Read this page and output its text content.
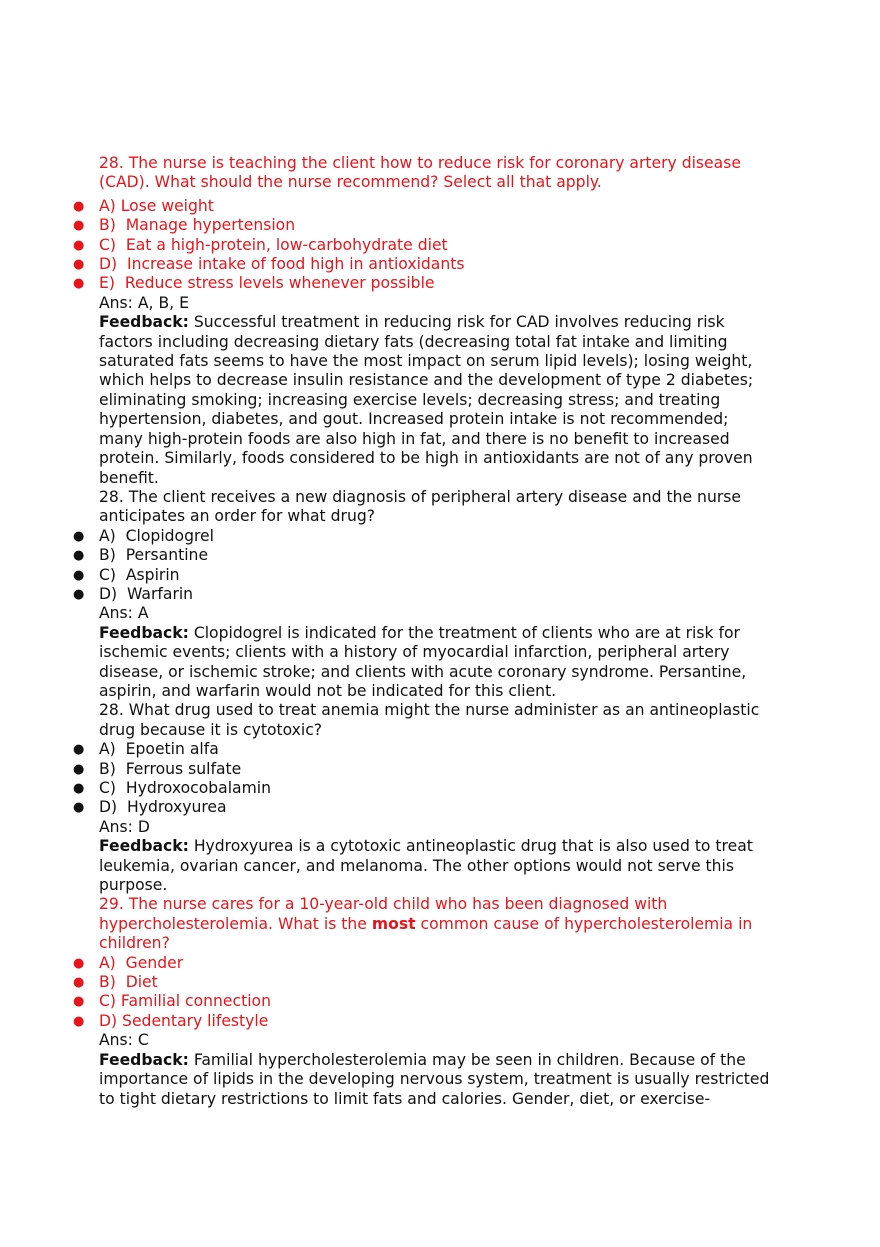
28. The nurse is teaching the client how to reduce risk for coronary artery disease
(CAD). What should the nurse recommend? Select all that apply.
● A) Lose weight
● B)  Manage hypertension
● C)  Eat a high-protein, low-carbohydrate diet
● D)  Increase intake of food high in antioxidants
● E)  Reduce stress levels whenever possible
Ans: A, B, E
Feedback: Successful treatment in reducing risk for CAD involves reducing risk
factors including decreasing dietary fats (decreasing total fat intake and limiting
saturated fats seems to have the most impact on serum lipid levels); losing weight,
which helps to decrease insulin resistance and the development of type 2 diabetes;
eliminating smoking; increasing exercise levels; decreasing stress; and treating
hypertension, diabetes, and gout. Increased protein intake is not recommended;
many high-protein foods are also high in fat, and there is no benefit to increased
protein. Similarly, foods considered to be high in antioxidants are not of any proven
benefit.
28. The client receives a new diagnosis of peripheral artery disease and the nurse
anticipates an order for what drug?
● A)  Clopidogrel
● B)  Persantine
● C)  Aspirin
● D)  Warfarin
Ans: A
Feedback: Clopidogrel is indicated for the treatment of clients who are at risk for
ischemic events; clients with a history of myocardial infarction, peripheral artery
disease, or ischemic stroke; and clients with acute coronary syndrome. Persantine,
aspirin, and warfarin would not be indicated for this client.
28. What drug used to treat anemia might the nurse administer as an antineoplastic
drug because it is cytotoxic?
● A)  Epoetin alfa
● B)  Ferrous sulfate
● C)  Hydroxocobalamin
● D)  Hydroxyurea
Ans: D
Feedback: Hydroxyurea is a cytotoxic antineoplastic drug that is also used to treat
leukemia, ovarian cancer, and melanoma. The other options would not serve this
purpose.
29. The nurse cares for a 10-year-old child who has been diagnosed with
hypercholesterolemia. What is the most common cause of hypercholesterolemia in
children?
● A)  Gender
● B)  Diet
● C) Familial connection
● D) Sedentary lifestyle
Ans: C
Feedback: Familial hypercholesterolemia may be seen in children. Because of the
importance of lipids in the developing nervous system, treatment is usually restricted
to tight dietary restrictions to limit fats and calories. Gender, diet, or exercise-
